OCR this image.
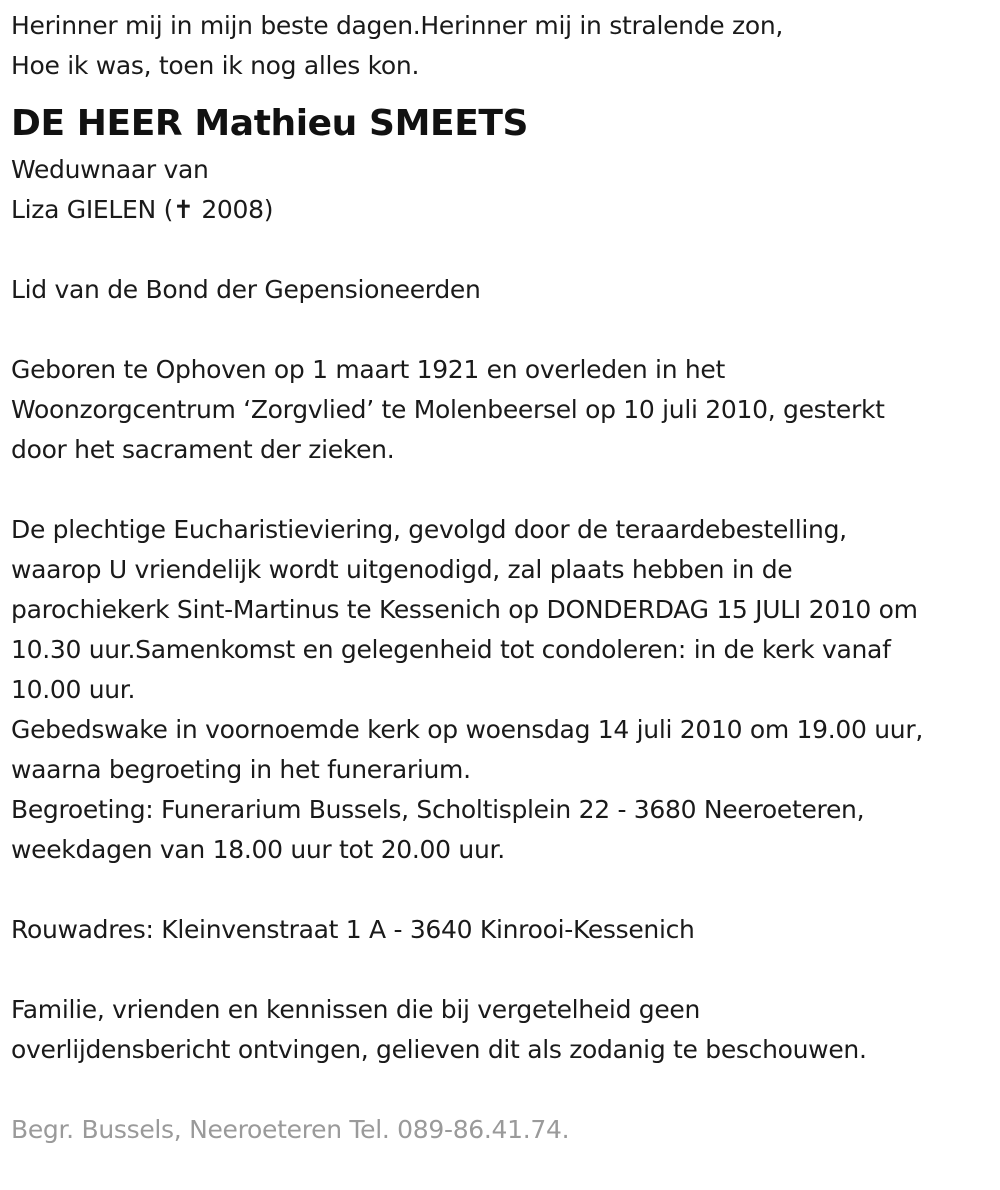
Herinner mij in mijn beste dagen.Herinner mij in stralende zon,
Hoe ik was, toen ik nog alles kon.
DE HEER Mathieu SMEETS
Weduwnaar van
Liza GIELEN (✝ 2008)
Lid van de Bond der Gepensioneerden
Geboren te Ophoven op 1 maart 1921 en overleden in het
Woonzorgcentrum ‘Zorgvlied’ te Molenbeersel op 10 juli 2010, gesterkt
door het sacrament der zieken.
De plechtige Eucharistieviering, gevolgd door de teraardebestelling,
waarop U vriendelijk wordt uitgenodigd, zal plaats hebben in de
parochiekerk Sint-Martinus te Kessenich op DONDERDAG 15 JULI 2010 om
10.30 uur.Samenkomst en gelegenheid tot condoleren: in de kerk vanaf
10.00 uur.
Gebedswake in voornoemde kerk op woensdag 14 juli 2010 om 19.00 uur,
waarna begroeting in het funerarium.
Begroeting: Funerarium Bussels, Scholtisplein 22 - 3680 Neeroeteren,
weekdagen van 18.00 uur tot 20.00 uur.
Rouwadres: Kleinvenstraat 1 A - 3640 Kinrooi-Kessenich
Familie, vrienden en kennissen die bij vergetelheid geen
overlijdensbericht ontvingen, gelieven dit als zodanig te beschouwen.
Begr. Bussels, Neeroeteren Tel. 089-86.41.74.
